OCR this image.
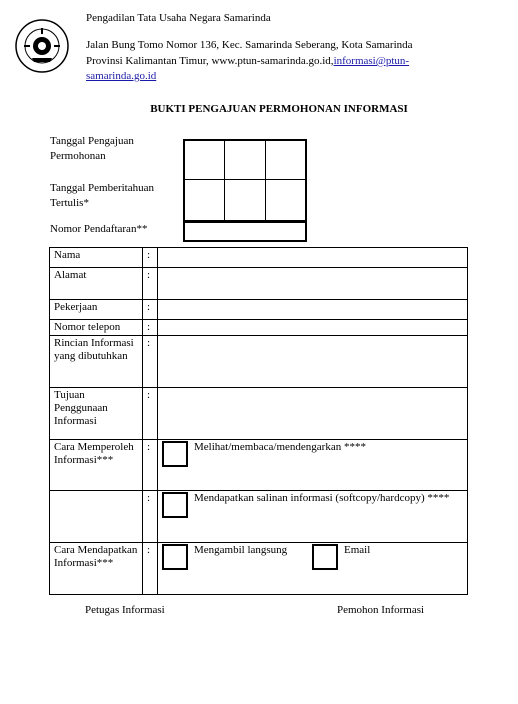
Pengadilan Tata Usaha Negara Samarinda
Jalan Bung Tomo Nomor 136, Kec. Samarinda Seberang, Kota Samarinda
Provinsi Kalimantan Timur, www.ptun-samarinda.go.id,informasi@ptun-
samarinda.go.id
BUKTI PENGAJUAN PERMOHONAN INFORMASI
Tanggal Pengajuan
Permohonan
Tanggal Pemberitahuan
Tertulis*
Nomor Pendaftaran**
Nama	:	
Alamat	:	
Pekerjaan	:	
Nomor telepon	:	
Rincian Informasi yang dibutuhkan	:	
Tujuan Penggunaan Informasi	:	
Cara Memperoleh Informasi***	:	Melihat/membaca/mendengarkan ****

	:	Mendapatkan salinan informasi (softcopy/hardcopy) ****

Cara Mendapatkan Informasi***	:	Mengambil langsung Email
Petugas Informasi	Pemohon Informasi
